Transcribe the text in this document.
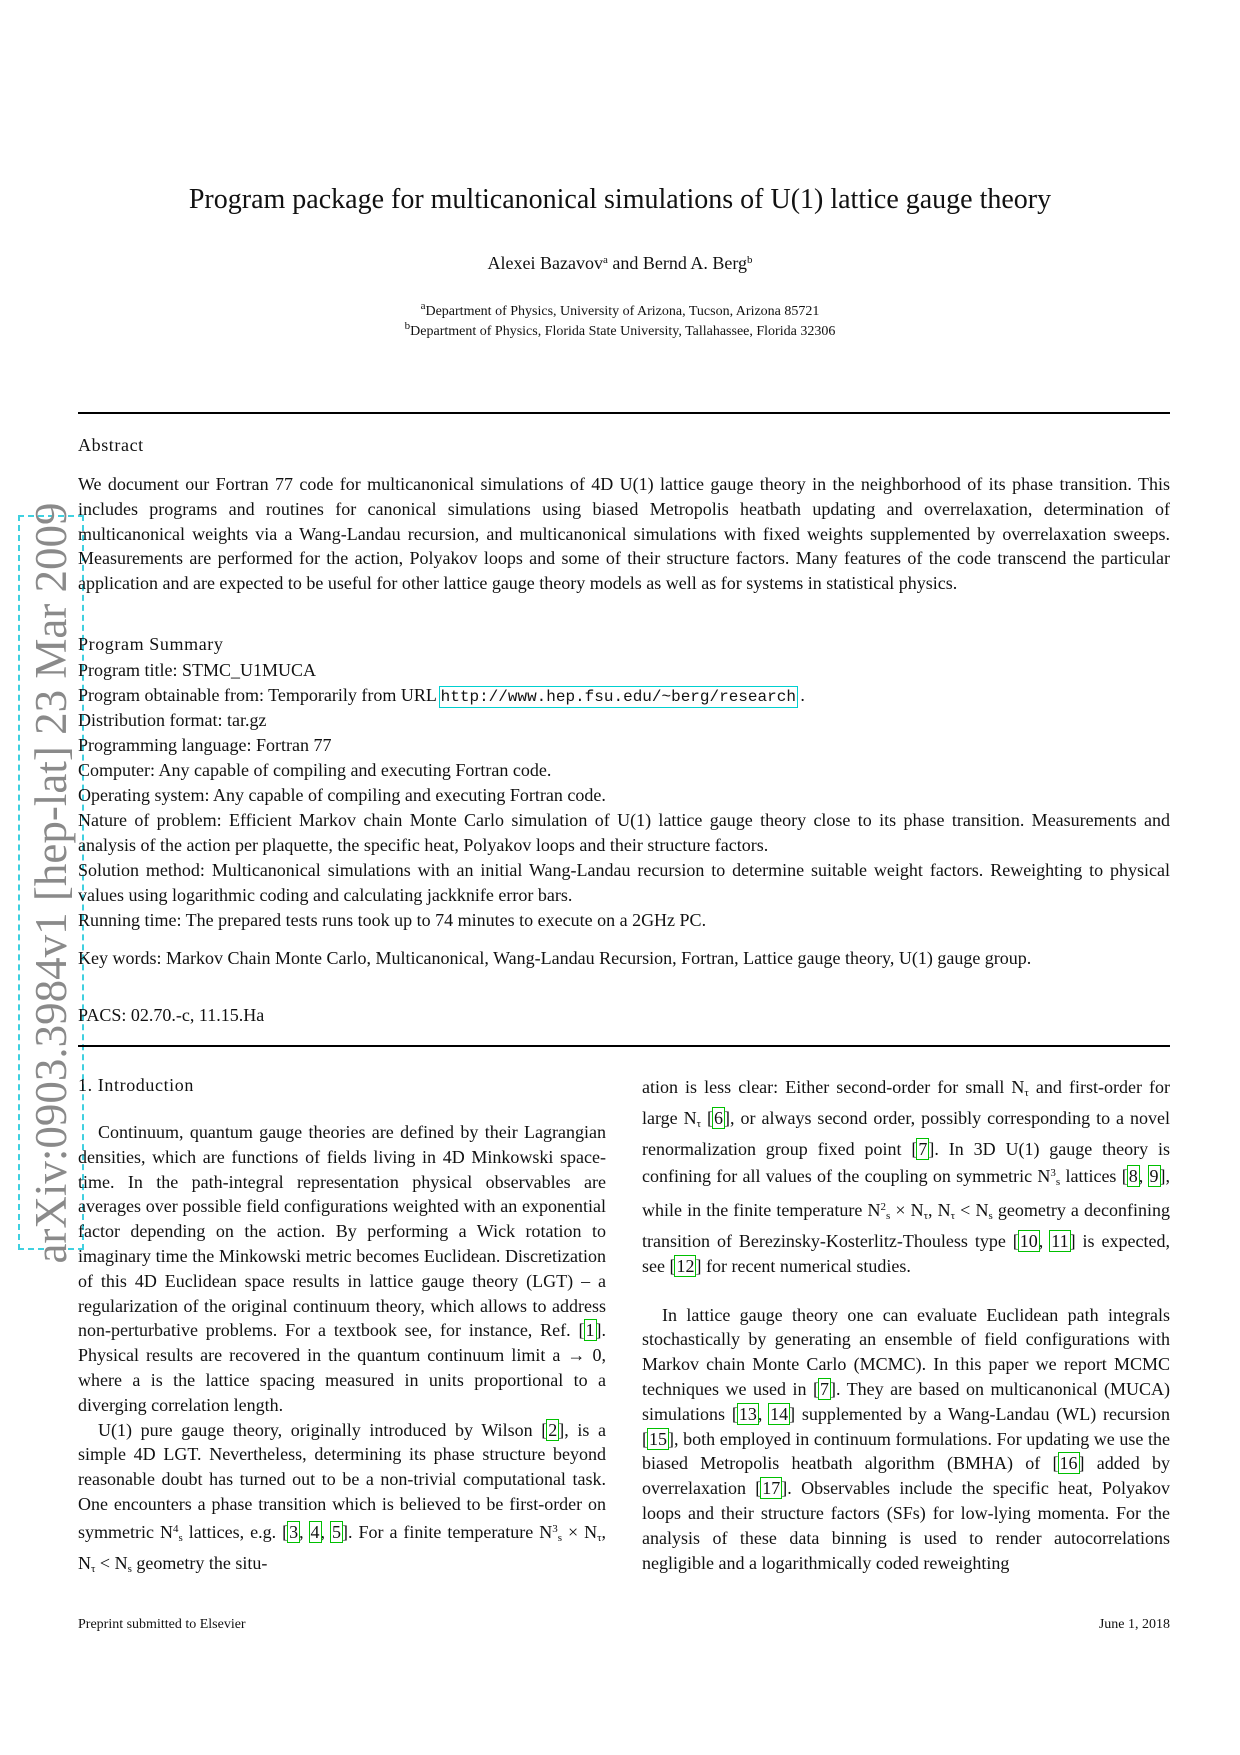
arXiv:0903.3984v1 [hep-lat] 23 Mar 2009
Program package for multicanonical simulations of U(1) lattice gauge theory
Alexei Bazavov$^a$ and Bernd A. Berg$^b$
$^a$Department of Physics, University of Arizona, Tucson, Arizona 85721
$^b$Department of Physics, Florida State University, Tallahassee, Florida 32306
Abstract

We document our Fortran 77 code for multicanonical simulations of 4D U(1) lattice gauge theory in the neighborhood of its phase transition. This includes programs and routines for canonical simulations using biased Metropolis heatbath updating and overrelaxation, determination of multicanonical weights via a Wang-Landau recursion, and multicanonical simulations with fixed weights supplemented by overrelaxation sweeps. Measurements are performed for the action, Polyakov loops and some of their structure factors. Many features of the code transcend the particular application and are expected to be useful for other lattice gauge theory models as well as for systems in statistical physics.

Program Summary
Program title: STMC_U1MUCA
Program obtainable from: Temporarily from URL http://www.hep.fsu.edu/~berg/research .
Distribution format: tar.gz
Programming language: Fortran 77
Computer: Any capable of compiling and executing Fortran code.
Operating system: Any capable of compiling and executing Fortran code.

Nature of problem: Efficient Markov chain Monte Carlo simulation of U(1) lattice gauge theory close to its phase transition. Measurements and analysis of the action per plaquette, the specific heat, Polyakov loops and their structure factors.

Solution method: Multicanonical simulations with an initial Wang-Landau recursion to determine suitable weight factors. Reweighting to physical values using logarithmic coding and calculating jackknife error bars.

Running time: The prepared tests runs took up to 74 minutes to execute on a 2GHz PC.

Key words: Markov Chain Monte Carlo, Multicanonical, Wang-Landau Recursion, Fortran, Lattice gauge theory, U(1) gauge group.

PACS: 02.70.-c, 11.15.Ha
1. Introduction

Continuum, quantum gauge theories are defined by their Lagrangian densities, which are functions of fields living in 4D Minkowski space-time. In the path-integral representation physical observables are averages over possible field configurations weighted with an exponential factor depending on the action. By performing a Wick rotation to imaginary time the Minkowski metric becomes Euclidean. Discretization of this 4D Euclidean space results in lattice gauge theory (LGT) – a regularization of the original continuum theory, which allows to address non-perturbative problems. For a textbook see, for instance, Ref. [1]. Physical results are recovered in the quantum continuum limit a → 0, where a is the lattice spacing measured in units proportional to a diverging correlation length.

U(1) pure gauge theory, originally introduced by Wilson [2], is a simple 4D LGT. Nevertheless, determining its phase structure beyond reasonable doubt has turned out to be a non-trivial computational task. One encounters a phase transition which is believed to be first-order on symmetric $N^4_s$ lattices, e.g. [3, 4, 5]. For a finite temperature $N^3_s \times N_\tau$, $N_\tau < N_s$ geometry the situ-

ation is less clear: Either second-order for small $N_\tau$ and first-order for large $N_\tau$ [6], or always second order, possibly corresponding to a novel renormalization group fixed point [7]. In 3D U(1) gauge theory is confining for all values of the coupling on symmetric $N^3_s$ lattices [8, 9], while in the finite temperature $N^2_s \times N_\tau$, $N_\tau < N_s$ geometry a deconfining transition of Berezinsky-Kosterlitz-Thouless type [10, 11] is expected, see [12] for recent numerical studies.

In lattice gauge theory one can evaluate Euclidean path integrals stochastically by generating an ensemble of field configurations with Markov chain Monte Carlo (MCMC). In this paper we report MCMC techniques we used in [7]. They are based on multicanonical (MUCA) simulations [13, 14] supplemented by a Wang-Landau (WL) recursion [15], both employed in continuum formulations. For updating we use the biased Metropolis heatbath algorithm (BMHA) of [16] added by overrelaxation [17]. Observables include the specific heat, Polyakov loops and their structure factors (SFs) for low-lying momenta. For the analysis of these data binning is used to render autocorrelations negligible and a logarithmically coded reweighting

Preprint submitted to Elsevier	June 1, 2018
